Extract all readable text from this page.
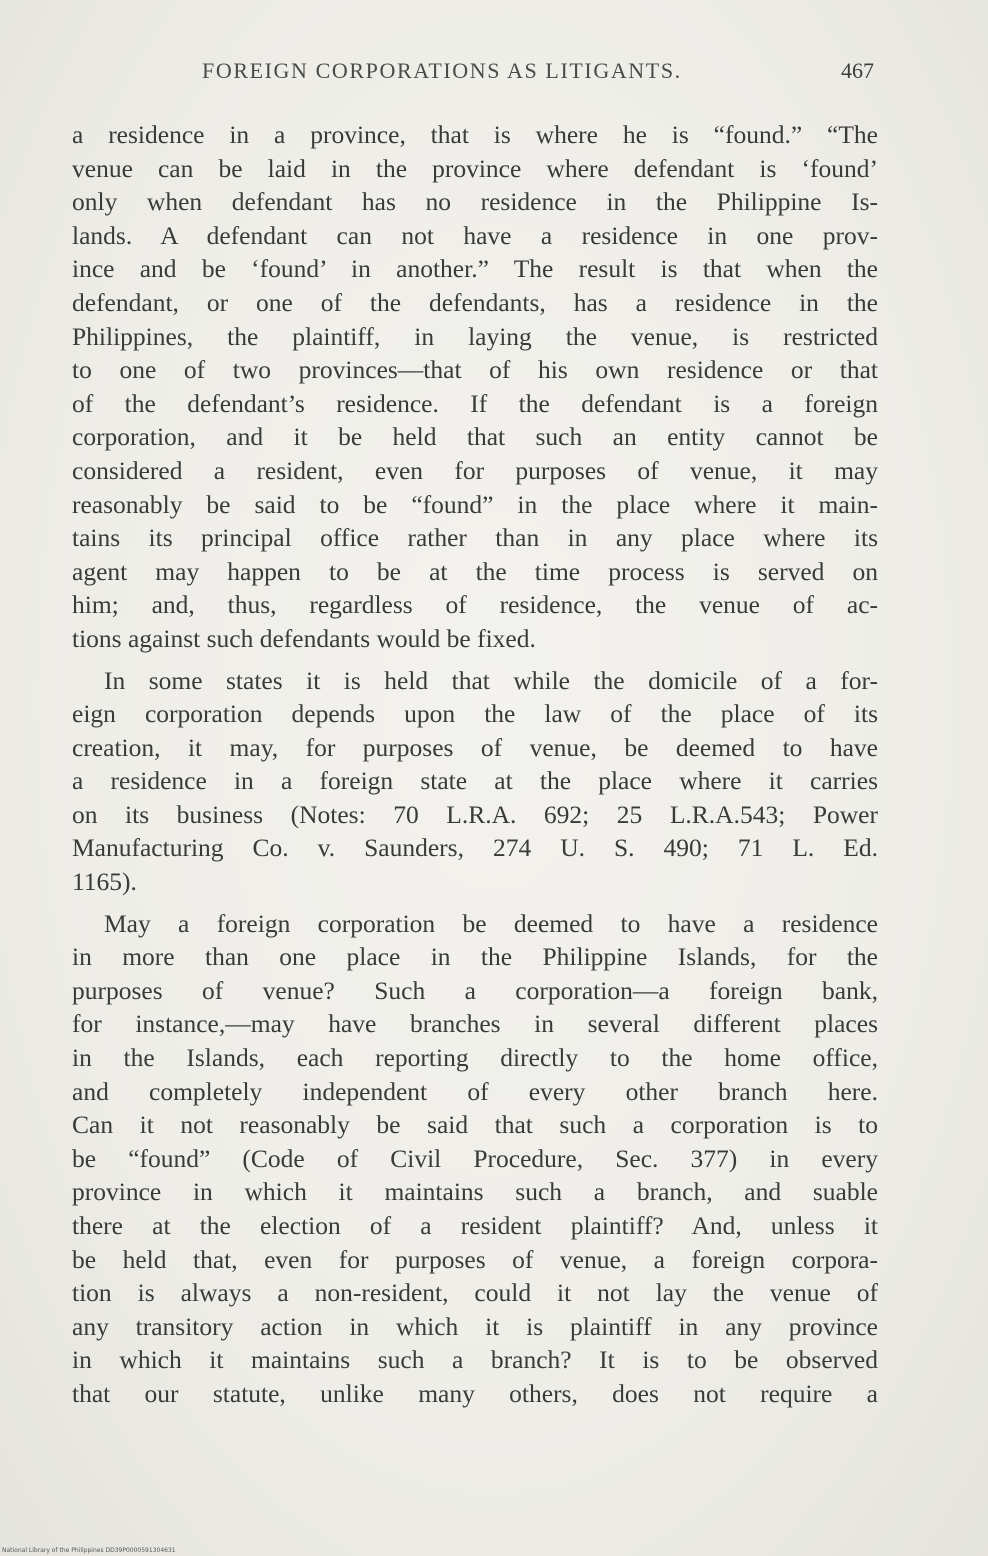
FOREIGN CORPORATIONS AS LITIGANTS.	467

a residence in a province, that is where he is “found.” “The
venue can be laid in the province where defendant is ‘found’
only when defendant has no residence in the Philippine Is-
lands. A defendant can not have a residence in one prov-
ince and be ‘found’ in another.” The result is that when the
defendant, or one of the defendants, has a residence in the
Philippines, the plaintiff, in laying the venue, is restricted
to one of two provinces—that of his own residence or that
of the defendant’s residence. If the defendant is a foreign
corporation, and it be held that such an entity cannot be
considered a resident, even for purposes of venue, it may
reasonably be said to be “found” in the place where it main-
tains its principal office rather than in any place where its
agent may happen to be at the time process is served on
him; and, thus, regardless of residence, the venue of ac-
tions against such defendants would be fixed.

In some states it is held that while the domicile of a for-
eign corporation depends upon the law of the place of its
creation, it may, for purposes of venue, be deemed to have
a residence in a foreign state at the place where it carries
on its business (Notes: 70 L.R.A. 692; 25 L.R.A.543; Power
Manufacturing Co. v. Saunders, 274 U. S. 490; 71 L. Ed.
1165).

May a foreign corporation be deemed to have a residence
in more than one place in the Philippine Islands, for the
purposes of venue? Such a corporation—a foreign bank,
for instance,—may have branches in several different places
in the Islands, each reporting directly to the home office,
and completely independent of every other branch here.
Can it not reasonably be said that such a corporation is to
be “found” (Code of Civil Procedure, Sec. 377) in every
province in which it maintains such a branch, and suable
there at the election of a resident plaintiff? And, unless it
be held that, even for purposes of venue, a foreign corpora-
tion is always a non-resident, could it not lay the venue of
any transitory action in which it is plaintiff in any province
in which it maintains such a branch? It is to be observed
that our statute, unlike many others, does not require a

National Library of the Philippines DD39P0000591304631
